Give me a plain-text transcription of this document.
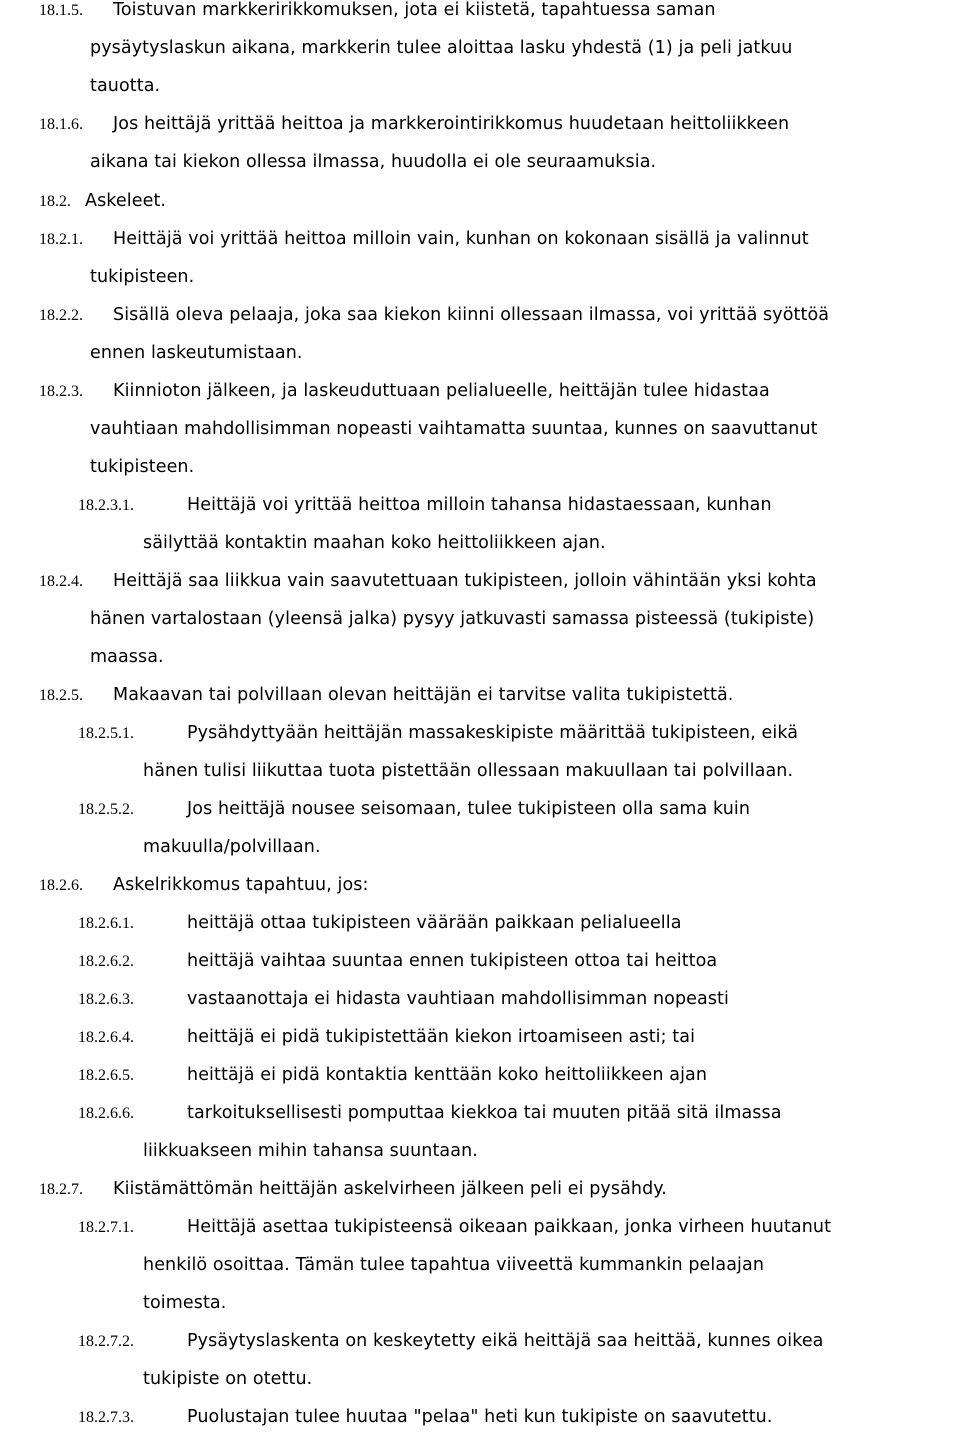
18.1.5. Toistuvan markkeririkkomuksen, jota ei kiistetä, tapahtuessa saman
pysäytyslaskun aikana, markkerin tulee aloittaa lasku yhdestä (1) ja peli jatkuu
tauotta.
18.1.6. Jos heittäjä yrittää heittoa ja markkerointirikkomus huudetaan heittoliikkeen
aikana tai kiekon ollessa ilmassa, huudolla ei ole seuraamuksia.
18.2. Askeleet.
18.2.1. Heittäjä voi yrittää heittoa milloin vain, kunhan on kokonaan sisällä ja valinnut
tukipisteen.
18.2.2. Sisällä oleva pelaaja, joka saa kiekon kiinni ollessaan ilmassa, voi yrittää syöttöä
ennen laskeutumistaan.
18.2.3. Kiinnioton jälkeen, ja laskeuduttuaan pelialueelle, heittäjän tulee hidastaa
vauhtiaan mahdollisimman nopeasti vaihtamatta suuntaa, kunnes on saavuttanut
tukipisteen.
18.2.3.1.	Heittäjä voi yrittää heittoa milloin tahansa hidastaessaan, kunhan
säilyttää kontaktin maahan koko heittoliikkeen ajan.
18.2.4. Heittäjä saa liikkua vain saavutettuaan tukipisteen, jolloin vähintään yksi kohta
hänen vartalostaan (yleensä jalka) pysyy jatkuvasti samassa pisteessä (tukipiste)
maassa.
18.2.5. Makaavan tai polvillaan olevan heittäjän ei tarvitse valita tukipistettä.
18.2.5.1.	Pysähdyttyään heittäjän massakeskipiste määrittää tukipisteen, eikä
hänen tulisi liikuttaa tuota pistettään ollessaan makuullaan tai polvillaan.
18.2.5.2.	Jos heittäjä nousee seisomaan, tulee tukipisteen olla sama kuin
makuulla/polvillaan.
18.2.6. Askelrikkomus tapahtuu, jos:
18.2.6.1.	heittäjä ottaa tukipisteen väärään paikkaan pelialueella
18.2.6.2.	heittäjä vaihtaa suuntaa ennen tukipisteen ottoa tai heittoa
18.2.6.3.	vastaanottaja ei hidasta vauhtiaan mahdollisimman nopeasti
18.2.6.4.	heittäjä ei pidä tukipistettään kiekon irtoamiseen asti; tai
18.2.6.5.	heittäjä ei pidä kontaktia kenttään koko heittoliikkeen ajan
18.2.6.6.	tarkoituksellisesti pomputtaa kiekkoa tai muuten pitää sitä ilmassa
liikkuakseen mihin tahansa suuntaan.
18.2.7. Kiistämättömän heittäjän askelvirheen jälkeen peli ei pysähdy.
18.2.7.1.	Heittäjä asettaa tukipisteensä oikeaan paikkaan, jonka virheen huutanut
henkilö osoittaa. Tämän tulee tapahtua viiveettä kummankin pelaajan
toimesta.
18.2.7.2.	Pysäytyslaskenta on keskeytetty eikä heittäjä saa heittää, kunnes oikea
tukipiste on otettu.
18.2.7.3.	Puolustajan tulee huutaa "pelaa" heti kun tukipiste on saavutettu.
